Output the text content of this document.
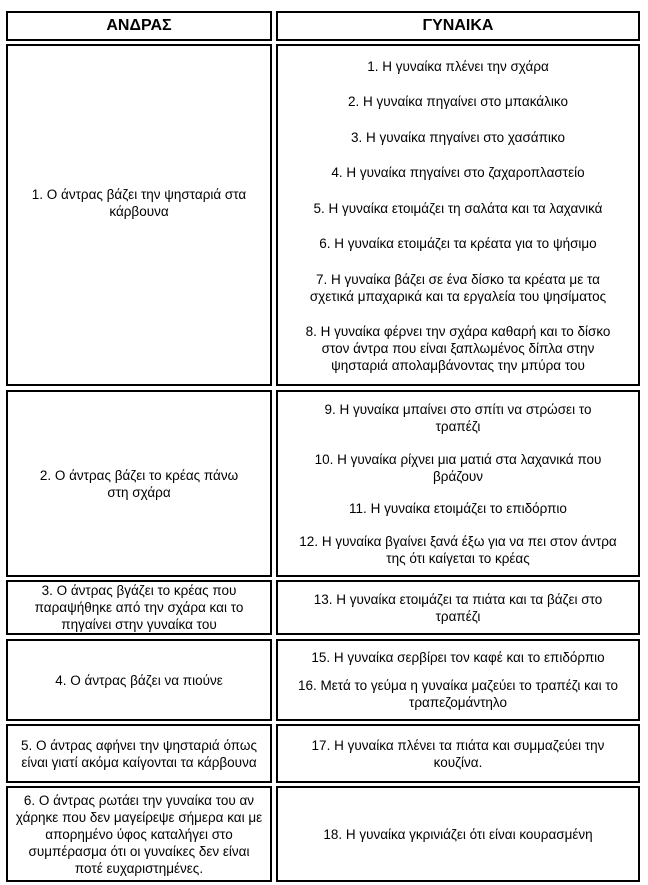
ΑΝΔΡΑΣ	ΓΥΝΑΙΚΑ
1. Ο άντρας βάζει την ψησταριά στα κάρβουνα
1. Η γυναίκα πλένει την σχάρα
2. Η γυναίκα πηγαίνει στο μπακάλικο
3. Η γυναίκα πηγαίνει στο χασάπικο
4. Η γυναίκα πηγαίνει στο ζαχαροπλαστείο
5. Η γυναίκα ετοιμάζει τη σαλάτα και τα λαχανικά
6. Η γυναίκα ετοιμάζει τα κρέατα για το ψήσιμο
7. Η γυναίκα βάζει σε ένα δίσκο τα κρέατα με τα σχετικά μπαχαρικά και τα εργαλεία του ψησίματος
8. Η γυναίκα φέρνει την σχάρα καθαρή και το δίσκο στον άντρα που είναι ξαπλωμένος δίπλα στην ψησταριά απολαμβάνοντας την μπύρα του
2. Ο άντρας βάζει το κρέας πάνω στη σχάρα
9. Η γυναίκα μπαίνει στο σπίτι να στρώσει το τραπέζι
10. Η γυναίκα ρίχνει μια ματιά στα λαχανικά που βράζουν
11. Η γυναίκα ετοιμάζει το επιδόρπιο
12. Η γυναίκα βγαίνει ξανά έξω για να πει στον άντρα της ότι καίγεται το κρέας
3. Ο άντρας βγάζει το κρέας που παραψήθηκε από την σχάρα και το πηγαίνει στην γυναίκα του
13. Η γυναίκα ετοιμάζει τα πιάτα και τα βάζει στο τραπέζι
4. Ο άντρας βάζει να πιούνε
15. Η γυναίκα σερβίρει τον καφέ και το επιδόρπιο
16. Μετά το γεύμα η γυναίκα μαζεύει το τραπέζι και το τραπεζομάντηλο
5. Ο άντρας αφήνει την ψησταριά όπως είναι γιατί ακόμα καίγονται τα κάρβουνα
17. Η γυναίκα πλένει τα πιάτα και συμμαζεύει την κουζίνα.
6. Ο άντρας ρωτάει την γυναίκα του αν χάρηκε που δεν μαγείρεψε σήμερα και με απορημένο ύφος καταλήγει στο συμπέρασμα ότι οι γυναίκες δεν είναι ποτέ ευχαριστημένες.
18. Η γυναίκα γκρινιάζει ότι είναι κουρασμένη
